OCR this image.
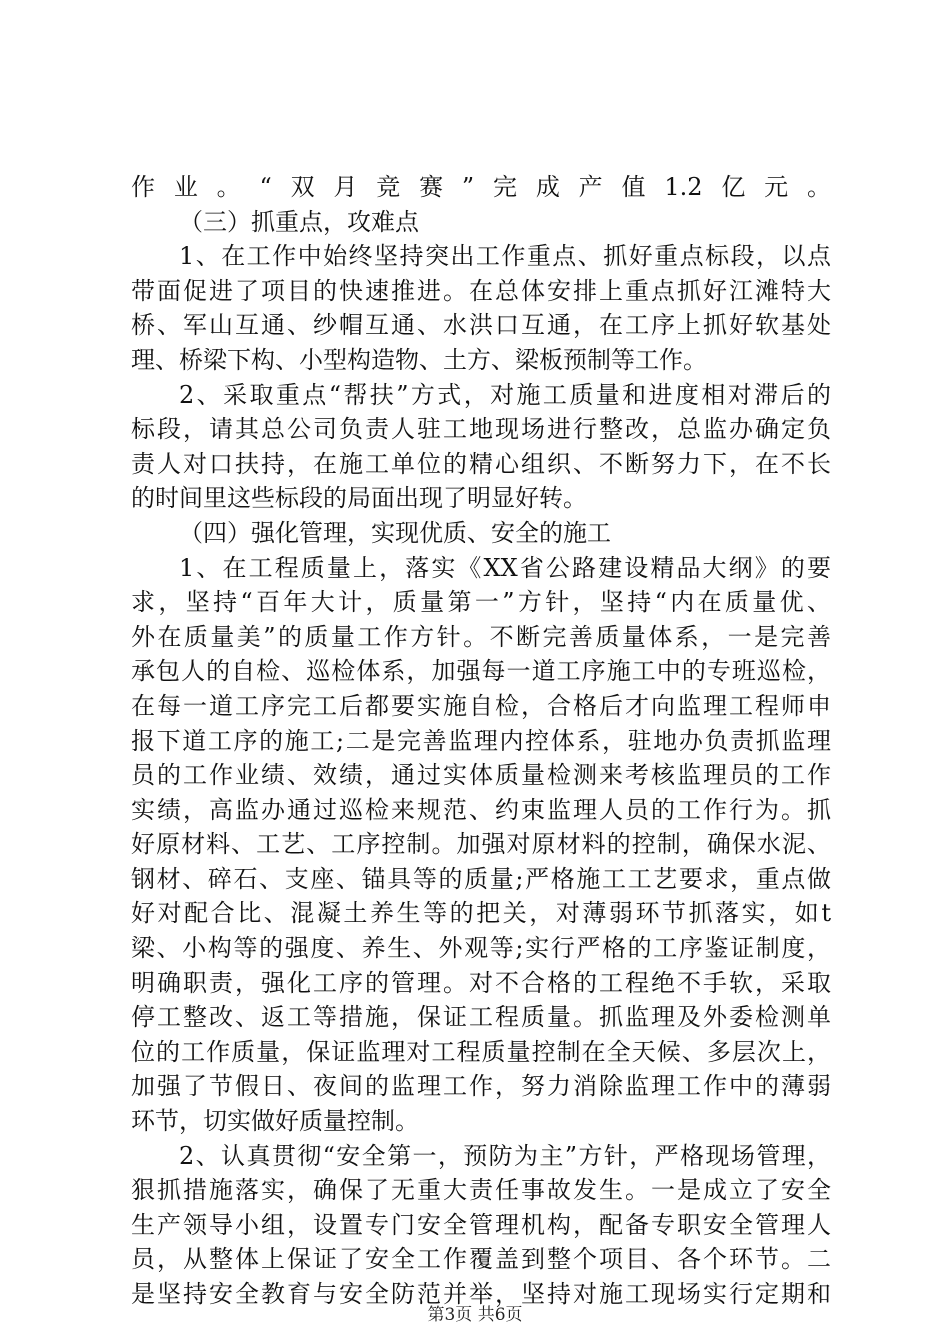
作业。“双月竞赛”完成产值1.2亿元。
（三）抓重点，攻难点
1、在工作中始终坚持突出工作重点、抓好重点标段，以点
带面促进了项目的快速推进。在总体安排上重点抓好江滩特大
桥、军山互通、纱帽互通、水洪口互通，在工序上抓好软基处
理、桥梁下构、小型构造物、土方、梁板预制等工作。
2、采取重点“帮扶”方式，对施工质量和进度相对滞后的
标段，请其总公司负责人驻工地现场进行整改，总监办确定负
责人对口扶持，在施工单位的精心组织、不断努力下，在不长
的时间里这些标段的局面出现了明显好转。
（四）强化管理，实现优质、安全的施工
1、在工程质量上，落实《XX省公路建设精品大纲》的要
求，坚持“百年大计，质量第一”方针，坚持“内在质量优、
外在质量美”的质量工作方针。不断完善质量体系，一是完善
承包人的自检、巡检体系，加强每一道工序施工中的专班巡检，
在每一道工序完工后都要实施自检，合格后才向监理工程师申
报下道工序的施工;二是完善监理内控体系，驻地办负责抓监理
员的工作业绩、效绩，通过实体质量检测来考核监理员的工作
实绩，高监办通过巡检来规范、约束监理人员的工作行为。抓
好原材料、工艺、工序控制。加强对原材料的控制，确保水泥、
钢材、碎石、支座、锚具等的质量;严格施工工艺要求，重点做
好对配合比、混凝土养生等的把关，对薄弱环节抓落实，如t
梁、小构等的强度、养生、外观等;实行严格的工序鉴证制度，
明确职责，强化工序的管理。对不合格的工程绝不手软，采取
停工整改、返工等措施，保证工程质量。抓监理及外委检测单
位的工作质量，保证监理对工程质量控制在全天候、多层次上，
加强了节假日、夜间的监理工作，努力消除监理工作中的薄弱
环节，切实做好质量控制。
2、认真贯彻“安全第一，预防为主”方针，严格现场管理，
狠抓措施落实，确保了无重大责任事故发生。一是成立了安全
生产领导小组，设置专门安全管理机构，配备专职安全管理人
员，从整体上保证了安全工作覆盖到整个项目、各个环节。二
是坚持安全教育与安全防范并举，坚持对施工现场实行定期和
第3页 共6页
